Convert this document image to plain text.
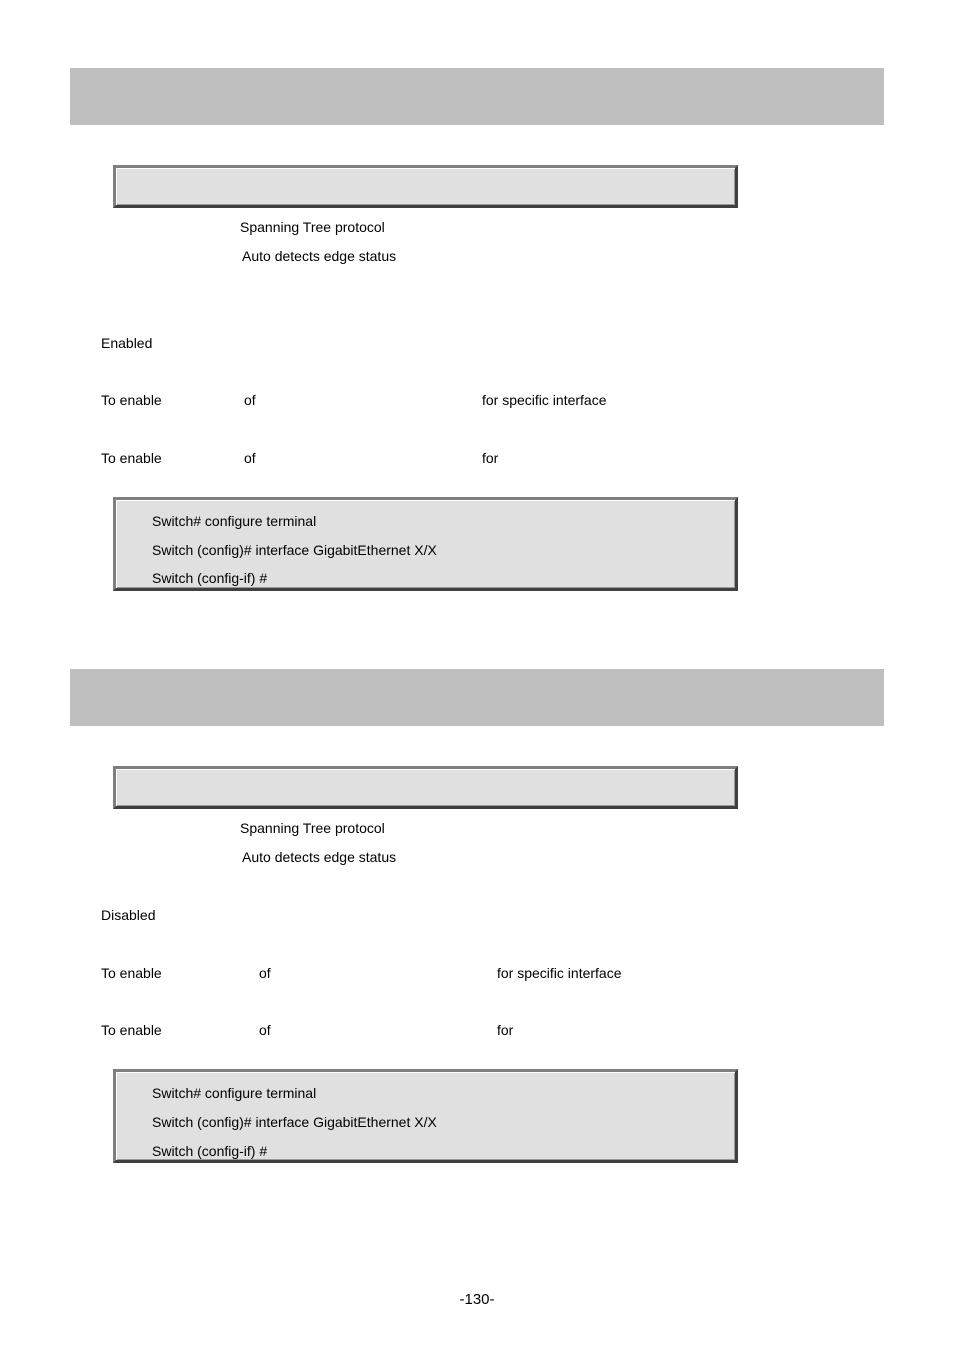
Spanning Tree protocol
Auto detects edge status
Enabled
To enable	of	for specific interface
To enable	of	for
Switch# configure terminal
Switch (config)# interface GigabitEthernet X/X
Switch (config-if) #
Spanning Tree protocol
Auto detects edge status
Disabled
To enable	of	for specific interface
To enable	of	for
Switch# configure terminal
Switch (config)# interface GigabitEthernet X/X
Switch (config-if) #
-130-
